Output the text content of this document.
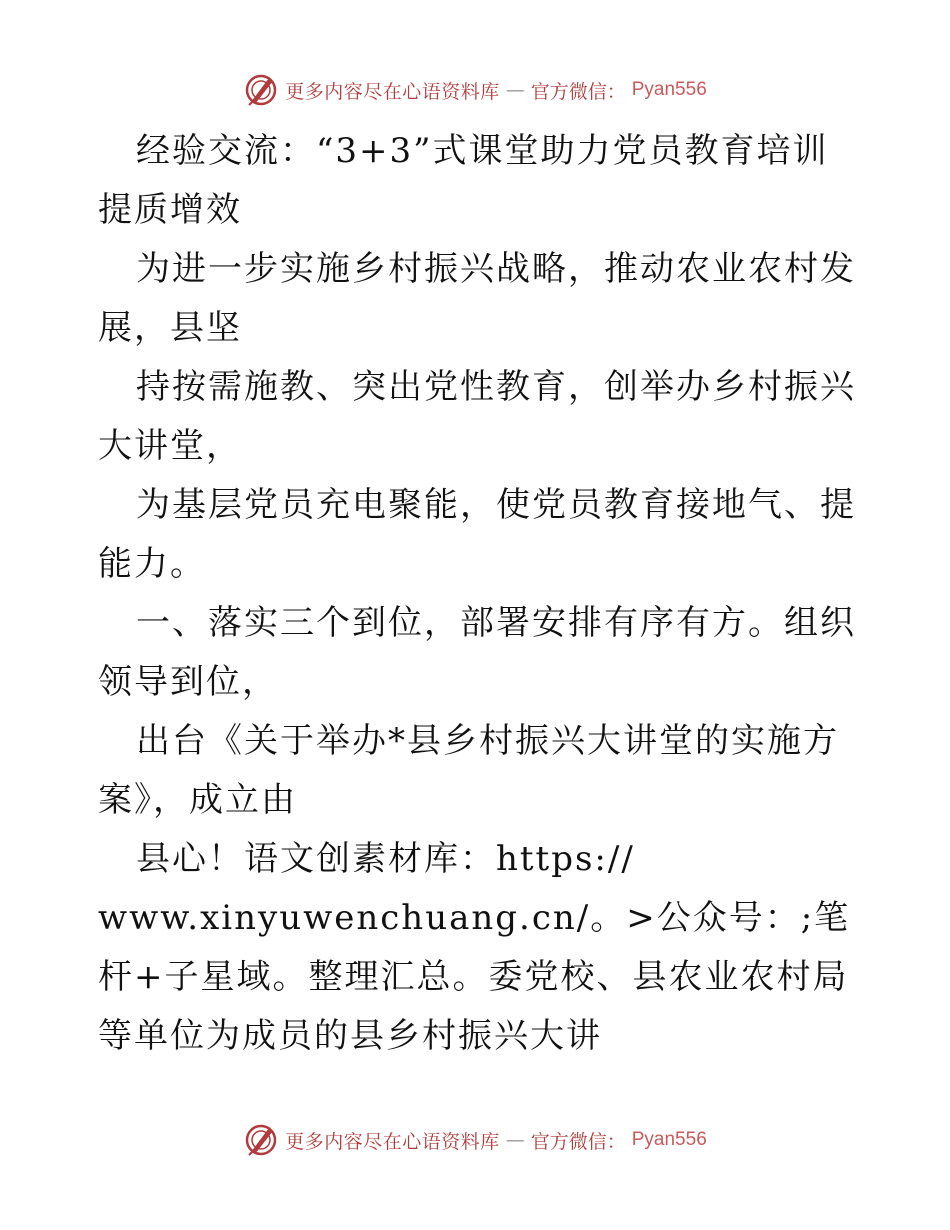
更多内容尽在心语资料库 — 官方微信： Pyan556

经验交流：“3+3”式课堂助力党员教育培训提质增效

为进一步实施乡村振兴战略，推动农业农村发展，县坚

持按需施教、突出党性教育，创举办乡村振兴大讲堂，

为基层党员充电聚能，使党员教育接地气、提能力。

一、落实三个到位，部署安排有序有方。组织领导到位，

出台《关于举办*县乡村振兴大讲堂的实施方案》，成立由

县心！语文创素材库：https://

www.xinyuwenchuang.cn/。>公众号：;笔杆+子星域。整理汇总。委党校、县农业农村局等单位为成员的县乡村振兴大讲

更多内容尽在心语资料库 — 官方微信： Pyan556
